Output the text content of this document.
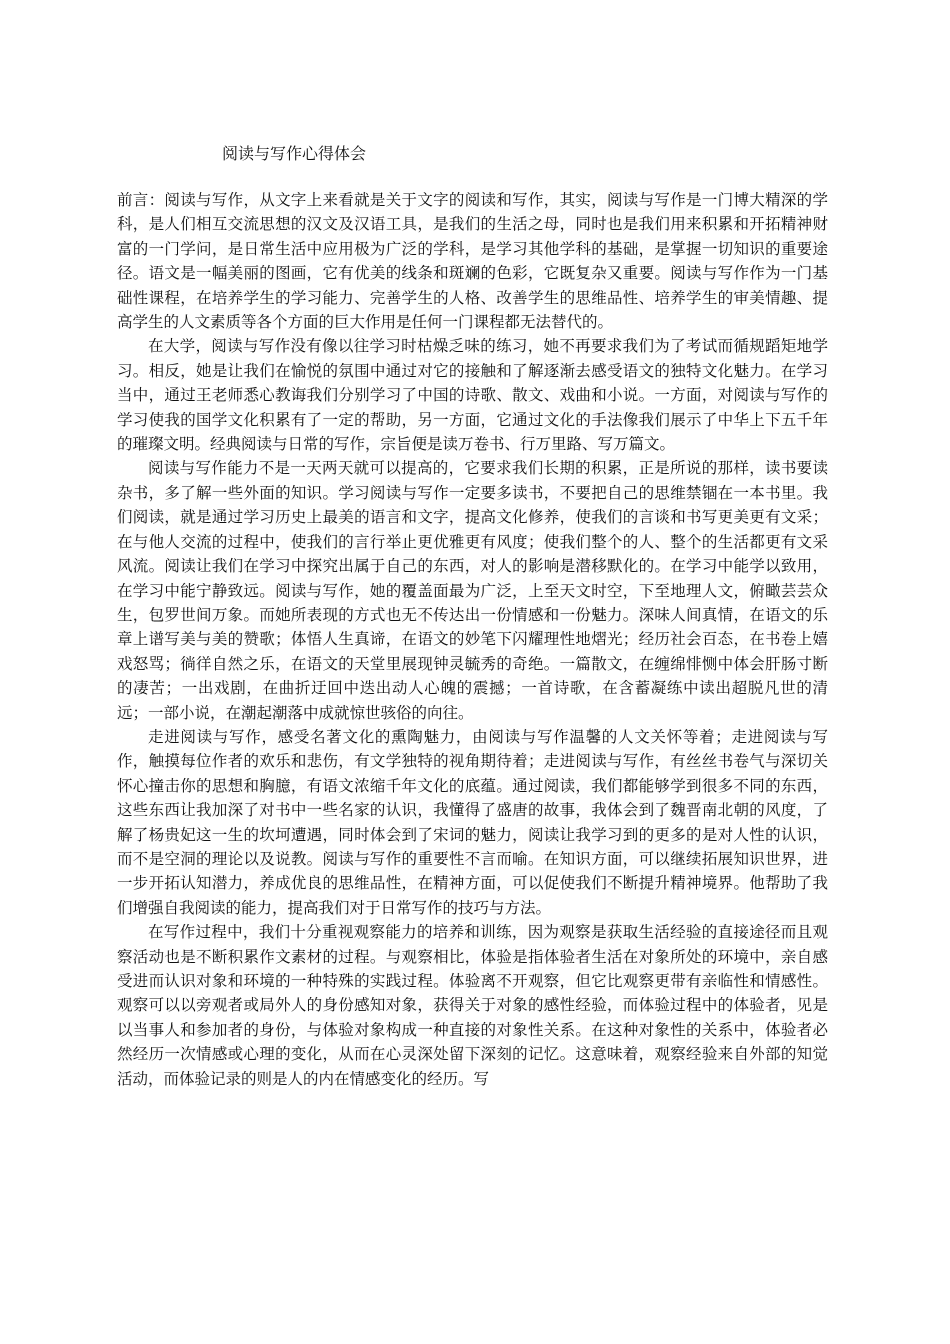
阅读与写作心得体会

前言：阅读与写作，从文字上来看就是关于文字的阅读和写作，其实，阅读与写作是一门博大精深的学科，是人们相互交流思想的汉文及汉语工具，是我们的生活之母，同时也是我们用来积累和开拓精神财富的一门学问，是日常生活中应用极为广泛的学科，是学习其他学科的基础，是掌握一切知识的重要途径。语文是一幅美丽的图画，它有优美的线条和斑斓的色彩，它既复杂又重要。阅读与写作作为一门基础性课程，在培养学生的学习能力、完善学生的人格、改善学生的思维品性、培养学生的审美情趣、提高学生的人文素质等各个方面的巨大作用是任何一门课程都无法替代的。

在大学，阅读与写作没有像以往学习时枯燥乏味的练习，她不再要求我们为了考试而循规蹈矩地学习。相反，她是让我们在愉悦的氛围中通过对它的接触和了解逐渐去感受语文的独特文化魅力。在学习当中，通过王老师悉心教诲我们分别学习了中国的诗歌、散文、戏曲和小说。一方面，对阅读与写作的学习使我的国学文化积累有了一定的帮助，另一方面，它通过文化的手法像我们展示了中华上下五千年的璀璨文明。经典阅读与日常的写作，宗旨便是读万卷书、行万里路、写万篇文。

阅读与写作能力不是一天两天就可以提高的，它要求我们长期的积累，正是所说的那样，读书要读杂书，多了解一些外面的知识。学习阅读与写作一定要多读书，不要把自己的思维禁锢在一本书里。我们阅读，就是通过学习历史上最美的语言和文字，提高文化修养，使我们的言谈和书写更美更有文采；在与他人交流的过程中，使我们的言行举止更优雅更有风度；使我们整个的人、整个的生活都更有文采风流。阅读让我们在学习中探究出属于自己的东西，对人的影响是潜移默化的。在学习中能学以致用，在学习中能宁静致远。阅读与写作，她的覆盖面最为广泛，上至天文时空，下至地理人文，俯瞰芸芸众生，包罗世间万象。而她所表现的方式也无不传达出一份情感和一份魅力。深味人间真情，在语文的乐章上谱写美与美的赞歌；体悟人生真谛，在语文的妙笔下闪耀理性地熠光；经历社会百态，在书卷上嬉戏怒骂；徜徉自然之乐，在语文的天堂里展现钟灵毓秀的奇绝。一篇散文，在缠绵悱恻中体会肝肠寸断的凄苦；一出戏剧，在曲折迂回中迭出动人心魄的震撼；一首诗歌，在含蓄凝练中读出超脱凡世的清远；一部小说，在潮起潮落中成就惊世骇俗的向往。

走进阅读与写作，感受名著文化的熏陶魅力，由阅读与写作温馨的人文关怀等着；走进阅读与写作，触摸每位作者的欢乐和悲伤，有文学独特的视角期待着；走进阅读与写作，有丝丝书卷气与深切关怀心撞击你的思想和胸臆，有语文浓缩千年文化的底蕴。通过阅读，我们都能够学到很多不同的东西，这些东西让我加深了对书中一些名家的认识，我懂得了盛唐的故事，我体会到了魏晋南北朝的风度，了解了杨贵妃这一生的坎坷遭遇，同时体会到了宋词的魅力，阅读让我学习到的更多的是对人性的认识，而不是空洞的理论以及说教。阅读与写作的重要性不言而喻。在知识方面，可以继续拓展知识世界，进一步开拓认知潜力，养成优良的思维品性，在精神方面，可以促使我们不断提升精神境界。他帮助了我们增强自我阅读的能力，提高我们对于日常写作的技巧与方法。

在写作过程中，我们十分重视观察能力的培养和训练，因为观察是获取生活经验的直接途径而且观察活动也是不断积累作文素材的过程。与观察相比，体验是指体验者生活在对象所处的环境中，亲自感受进而认识对象和环境的一种特殊的实践过程。体验离不开观察，但它比观察更带有亲临性和情感性。观察可以以旁观者或局外人的身份感知对象，获得关于对象的感性经验，而体验过程中的体验者，见是以当事人和参加者的身份，与体验对象构成一种直接的对象性关系。在这种对象性的关系中，体验者必然经历一次情感或心理的变化，从而在心灵深处留下深刻的记忆。这意味着，观察经验来自外部的知觉活动，而体验记录的则是人的内在情感变化的经历。写
